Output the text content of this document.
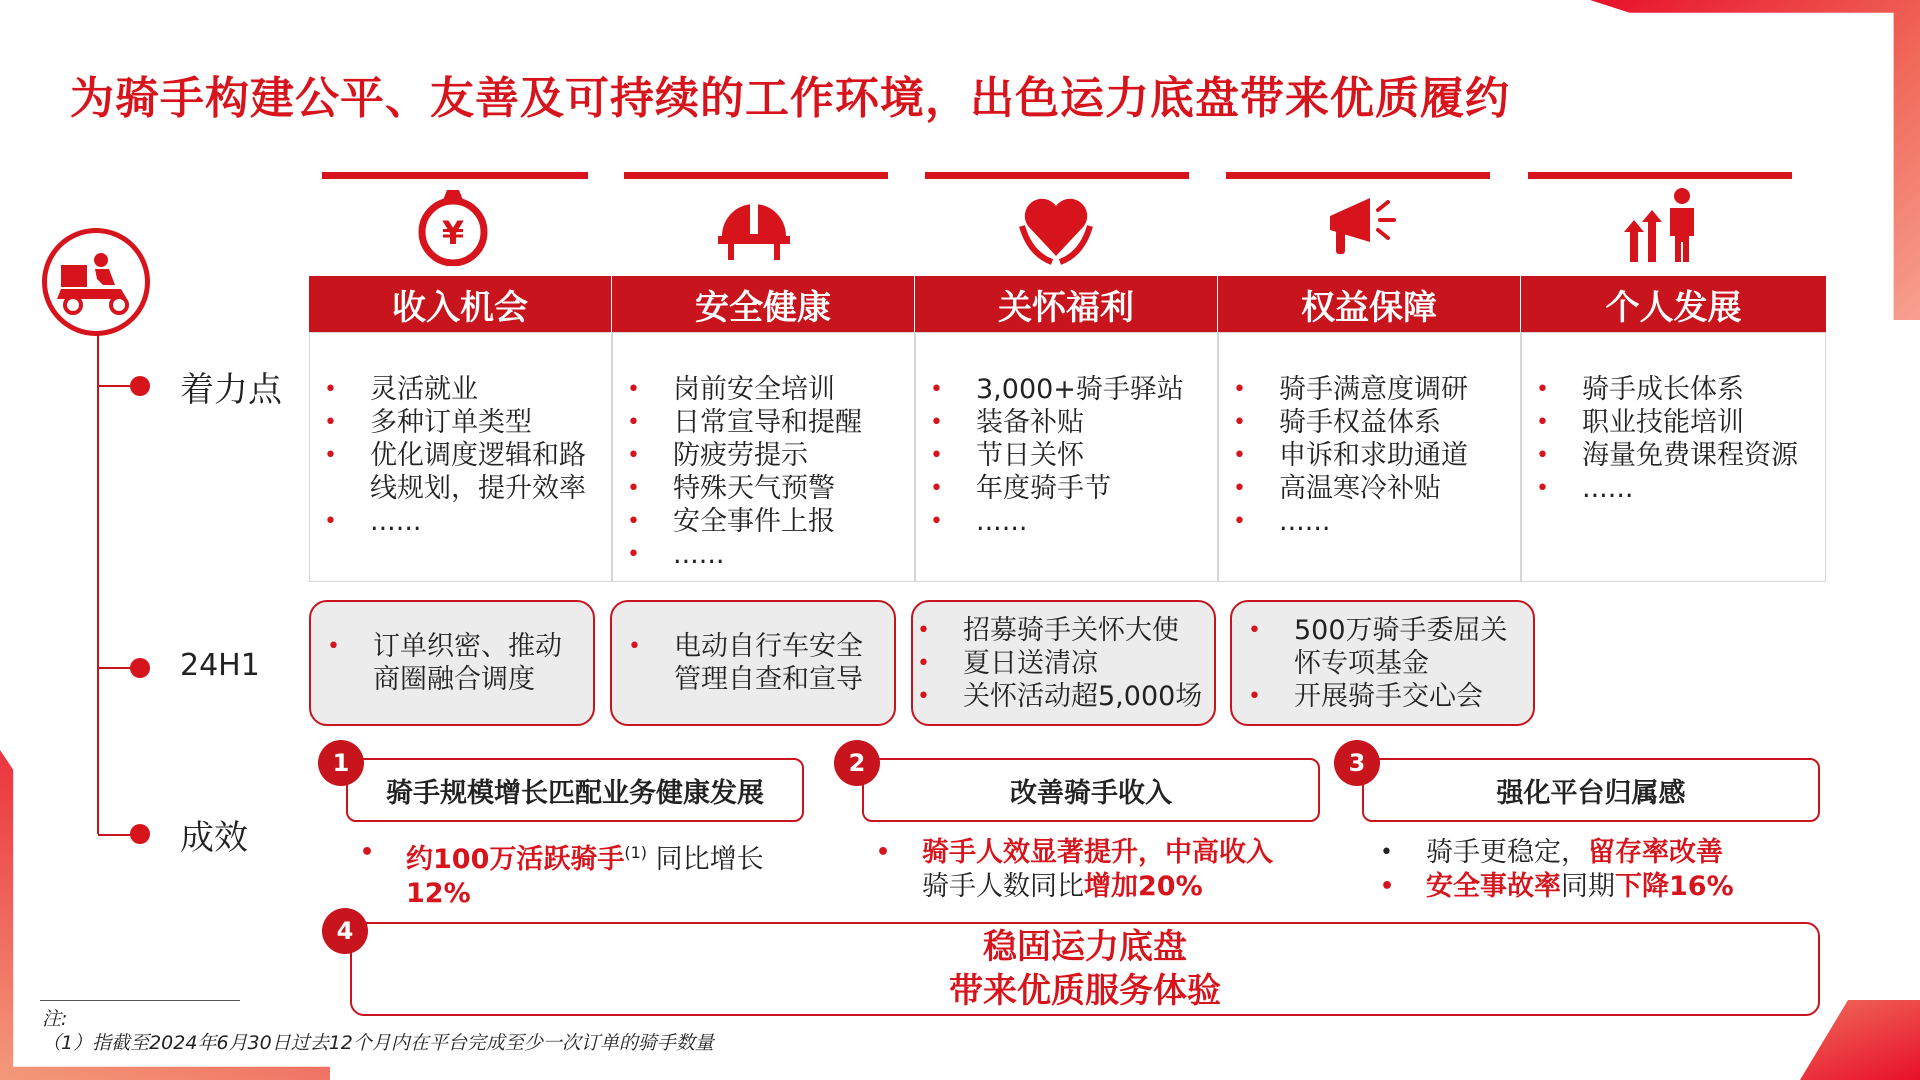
为骑手构建公平、友善及可持续的工作环境，出色运力底盘带来优质履约
着力点
24H1
成效
¥
收入机会
• 灵活就业
• 多种订单类型
• 优化调度逻辑和路线规划，提升效率
• ......
安全健康
• 岗前安全培训
• 日常宣导和提醒
• 防疲劳提示
• 特殊天气预警
• 安全事件上报
• ......
关怀福利
• 3,000+骑手驿站
• 装备补贴
• 节日关怀
• 年度骑手节
• ......
权益保障
• 骑手满意度调研
• 骑手权益体系
• 申诉和求助通道
• 高温寒冷补贴
• ......
个人发展
• 骑手成长体系
• 职业技能培训
• 海量免费课程资源
• ......
• 订单织密、推动商圈融合调度
• 电动自行车安全管理自查和宣导
• 招募骑手关怀大使
• 夏日送清凉
• 关怀活动超5,000场
• 500万骑手委屈关怀专项基金
• 开展骑手交心会
骑手规模增长匹配业务健康发展
1
• 约100万活跃骑手$^{(1)}$ 同比增长
12%
改善骑手收入
2
• 骑手人效显著提升，中高收入
骑手人数同比增加20%
强化平台归属感
3
• 骑手更稳定，留存率改善
• 安全事故率同期下降16%
稳固运力底盘
带来优质服务体验
4
注:
（1）指截至2024年6月30日过去12个月内在平台完成至少一次订单的骑手数量
